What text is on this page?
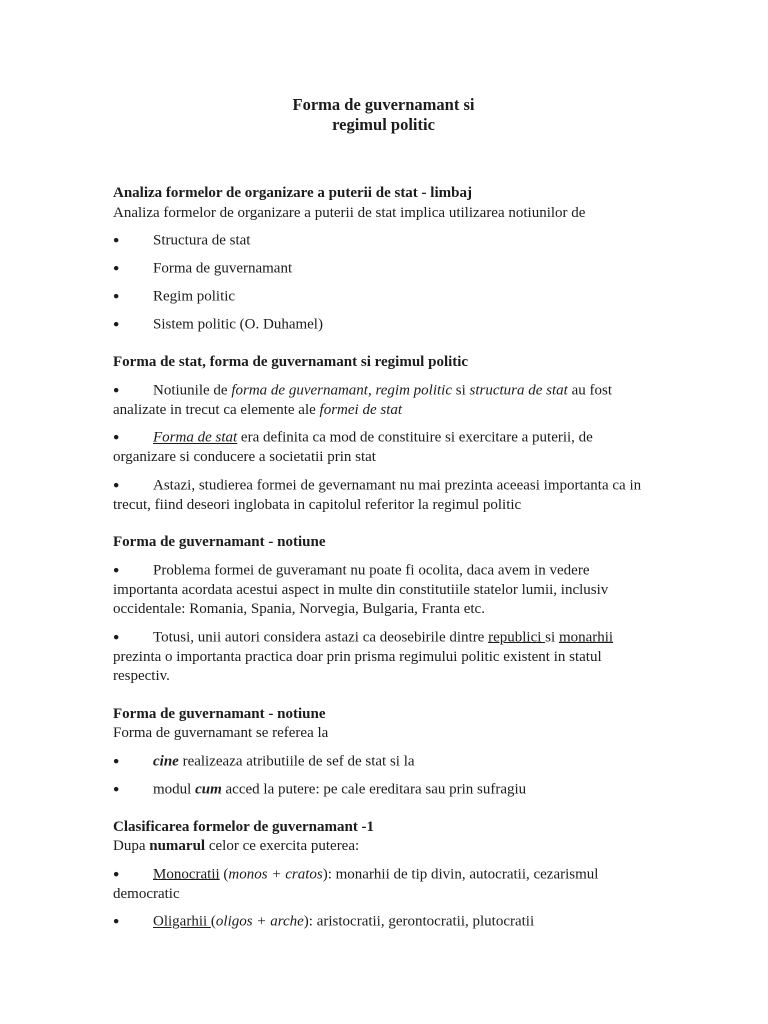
Forma de guvernamant si
regimul politic
Analiza formelor de organizare a puterii de stat - limbaj
Analiza formelor de organizare a puterii de stat implica utilizarea notiunilor de
● Structura de stat
● Forma de guvernamant
● Regim politic
● Sistem politic (O. Duhamel)
Forma de stat, forma de guvernamant si regimul politic
● Notiunile de forma de guvernamant, regim politic si structura de stat au fost analizate in trecut ca elemente ale formei de stat
● Forma de stat era definita ca mod de constituire si exercitare a puterii, de organizare si conducere a societatii prin stat
● Astazi, studierea formei de gevernamant nu mai prezinta aceeasi importanta ca in trecut, fiind deseori inglobata in capitolul referitor la regimul politic
Forma de guvernamant - notiune
● Problema formei de guveramant nu poate fi ocolita, daca avem in vedere importanta acordata acestui aspect in multe din constitutiile statelor lumii, inclusiv occidentale: Romania, Spania, Norvegia, Bulgaria, Franta etc.
● Totusi, unii autori considera astazi ca deosebirile dintre republici si monarhii prezinta o importanta practica doar prin prisma regimului politic existent in statul respectiv.
Forma de guvernamant - notiune
Forma de guvernamant se referea la
● cine realizeaza atributiile de sef de stat si la
● modul cum acced la putere: pe cale ereditara sau prin sufragiu
Clasificarea formelor de guvernamant -1
Dupa numarul celor ce exercita puterea:
● Monocratii (monos + cratos): monarhii de tip divin, autocratii, cezarismul democratic
● Oligarhii (oligos + arche): aristocratii, gerontocratii, plutocratii
